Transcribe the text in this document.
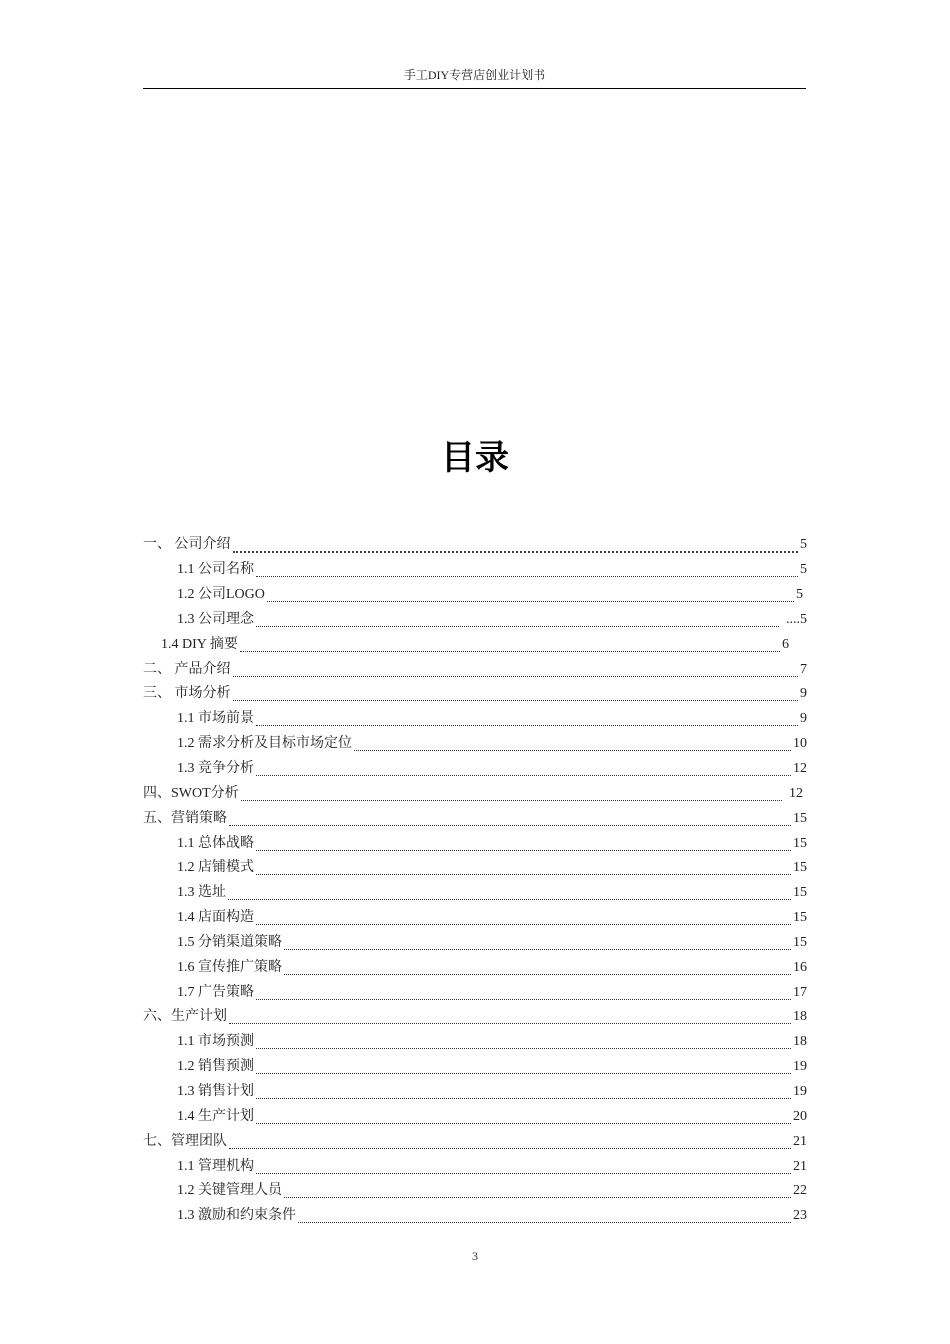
手工DIY专营店创业计划书
目录
一、 公司介绍	5
1.1 公司名称	5
1.2 公司LOGO	5
1.3 公司理念	....5
1.4 DIY 摘要	6
二、 产品介绍	7
三、 市场分析	9
1.1 市场前景	9
1.2 需求分析及目标市场定位	10
1.3 竞争分析	12
四、SWOT分析	12
五、营销策略	15
1.1 总体战略	15
1.2 店铺模式	15
1.3 选址	15
1.4 店面构造	15
1.5 分销渠道策略	15
1.6 宣传推广策略	16
1.7 广告策略	17
六、生产计划	18
1.1 市场预测	18
1.2 销售预测	19
1.3 销售计划	19
1.4 生产计划	20
七、管理团队	21
1.1 管理机构	21
1.2 关键管理人员	22
1.3 激励和约束条件	23
3
